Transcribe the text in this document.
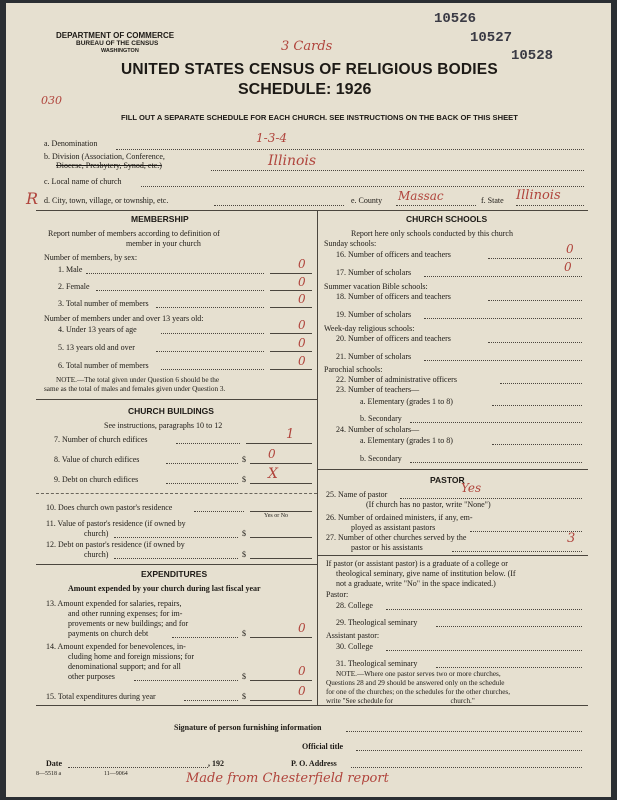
10526
10527
10528
DEPARTMENT OF COMMERCE
BUREAU OF THE CENSUS
WASHINGTON	3 Cards
UNITED STATES CENSUS OF RELIGIOUS BODIES
SCHEDULE: 1926
030
FILL OUT A SEPARATE SCHEDULE FOR EACH CHURCH. SEE INSTRUCTIONS ON THE BACK OF THIS SHEET
a. Denomination	1-3-4
b. Division (Association, Conference,
Diocese, Presbytery, Synod, etc.)	Illinois
c. Local name of church
R d. City, town, village, or township, etc.	e. County Massac	f. State Illinois
MEMBERSHIP
Report number of members according to definition of
member in your church
Number of members, by sex:
1. Male	0
2. Female	0
3. Total number of members	0
Number of members under and over 13 years old:
4. Under 13 years of age	0
5. 13 years old and over	0
6. Total number of members	0
NOTE.—The total given under Question 6 should be the
same as the total of males and females given under Question 3.
CHURCH BUILDINGS
See instructions, paragraphs 10 to 12
7. Number of church edifices	1
8. Value of church edifices	$ 0
9. Debt on church edifices	$ X
10. Does church own pastor's residence
Yes or No
11. Value of pastor's residence (if owned by
church)	$
12. Debt on pastor's residence (if owned by
church)	$
EXPENDITURES
Amount expended by your church during last fiscal year
13. Amount expended for salaries, repairs,
and other running expenses; for im-
provements or new buildings; and for
payments on church debt	$	0
14. Amount expended for benevolences, in-
cluding home and foreign missions; for
denominational support; and for all
other purposes	$	0
15. Total expenditures during year	$	0
CHURCH SCHOOLS
Report here only schools conducted by this church
Sunday schools:
16. Number of officers and teachers	0
17. Number of scholars	0
Summer vacation Bible schools:
18. Number of officers and teachers
19. Number of scholars
Week-day religious schools:
20. Number of officers and teachers
21. Number of scholars
Parochial schools:
22. Number of administrative officers
23. Number of teachers—
a. Elementary (grades 1 to 8)
b. Secondary
24. Number of scholars—
a. Elementary (grades 1 to 8)
b. Secondary
PASTOR
25. Name of pastor	Yes
(If church has no pastor, write "None")
26. Number of ordained ministers, if any, em-
ployed as assistant pastors
27. Number of other churches served by the
pastor or his assistants
3
If pastor (or assistant pastor) is a graduate of a college or
theological seminary, give name of institution below. (If
not a graduate, write "No" in the space indicated.)
Pastor:
28. College
29. Theological seminary
Assistant pastor:
30. College
31. Theological seminary
NOTE.—Where one pastor serves two or more churches,
Questions 28 and 29 should be answered only on the schedule
for one of the churches; on the schedules for the other churches,
write "See schedule for                                church."
Signature of person furnishing information
Official title
Date	, 192	P. O. Address
8—5518 a	11—9064	Made from Chesterfield report
